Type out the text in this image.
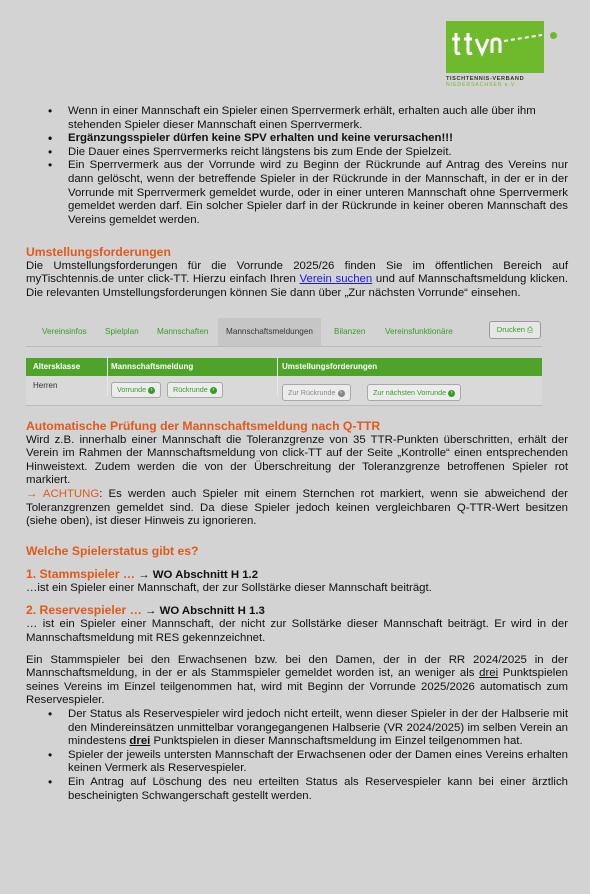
TISCHTENNIS-VERBAND
NIEDERSACHSEN e.V.
• Wenn in einer Mannschaft ein Spieler einen Sperrvermerk erhält, erhalten auch alle über ihm stehenden Spieler dieser Mannschaft einen Sperrvermerk.
• Ergänzungsspieler dürfen keine SPV erhalten und keine verursachen!!!
• Die Dauer eines Sperrvermerks reicht längstens bis zum Ende der Spielzeit.
• Ein Sperrvermerk aus der Vorrunde wird zu Beginn der Rückrunde auf Antrag des Vereins nur dann gelöscht, wenn der betreffende Spieler in der Rückrunde in der Mannschaft, in der er in der Vorrunde mit Sperrvermerk gemeldet wurde, oder in einer unteren Mannschaft ohne Sperrvermerk gemeldet werden darf. Ein solcher Spieler darf in der Rückrunde in keiner oberen Mannschaft des Vereins gemeldet werden.
Umstellungsforderungen
Die Umstellungsforderungen für die Vorrunde 2025/26 finden Sie im öffentlichen Bereich auf myTischtennis.de unter click-TT. Hierzu einfach Ihren Verein suchen und auf Mannschaftsmeldung klicken. Die relevanten Umstellungsforderungen können Sie dann über „Zur nächsten Vorrunde“ einsehen.
Vereinsinfos Spielplan Mannschaften	Mannschaftsmeldungen	Bilanzen Vereinsfunktionäre	Drucken ⎙
Altersklasse	Mannschaftsmeldung	Umstellungsforderungen
Herren	Vorrunde ›	Rückrunde ›	Zur Rückrunde ›	Zur nächsten Vorrunde ›
Automatische Prüfung der Mannschaftsmeldung nach Q-TTR
Wird z.B. innerhalb einer Mannschaft die Toleranzgrenze von 35 TTR-Punkten überschritten, erhält der Verein im Rahmen der Mannschaftsmeldung von click-TT auf der Seite „Kontrolle“ einen entsprechenden Hinweistext. Zudem werden die von der Überschreitung der Toleranzgrenze betroffenen Spieler rot markiert.
→ ACHTUNG: Es werden auch Spieler mit einem Sternchen rot markiert, wenn sie abweichend der Toleranzgrenzen gemeldet sind. Da diese Spieler jedoch keinen vergleichbaren Q-TTR-Wert besitzen (siehe oben), ist dieser Hinweis zu ignorieren.
Welche Spielerstatus gibt es?
1. Stammspieler … → WO Abschnitt H 1.2
…ist ein Spieler einer Mannschaft, der zur Sollstärke dieser Mannschaft beiträgt.
2. Reservespieler … → WO Abschnitt H 1.3
… ist ein Spieler einer Mannschaft, der nicht zur Sollstärke dieser Mannschaft beiträgt. Er wird in der Mannschaftsmeldung mit RES gekennzeichnet.
Ein Stammspieler bei den Erwachsenen bzw. bei den Damen, der in der RR 2024/2025 in der Mannschaftsmeldung, in der er als Stammspieler gemeldet worden ist, an weniger als drei Punktspielen seines Vereins im Einzel teilgenommen hat, wird mit Beginn der Vorrunde 2025/2026 automatisch zum Reservespieler.
• Der Status als Reservespieler wird jedoch nicht erteilt, wenn dieser Spieler in der der Halbserie mit den Mindereinsätzen unmittelbar vorangegangenen Halbserie (VR 2024/2025) im selben Verein an mindestens drei Punktspielen in dieser Mannschaftsmeldung im Einzel teilgenommen hat.
• Spieler der jeweils untersten Mannschaft der Erwachsenen oder der Damen eines Vereins erhalten keinen Vermerk als Reservespieler.
• Ein Antrag auf Löschung des neu erteilten Status als Reservespieler kann bei einer ärztlich bescheinigten Schwangerschaft gestellt werden.
